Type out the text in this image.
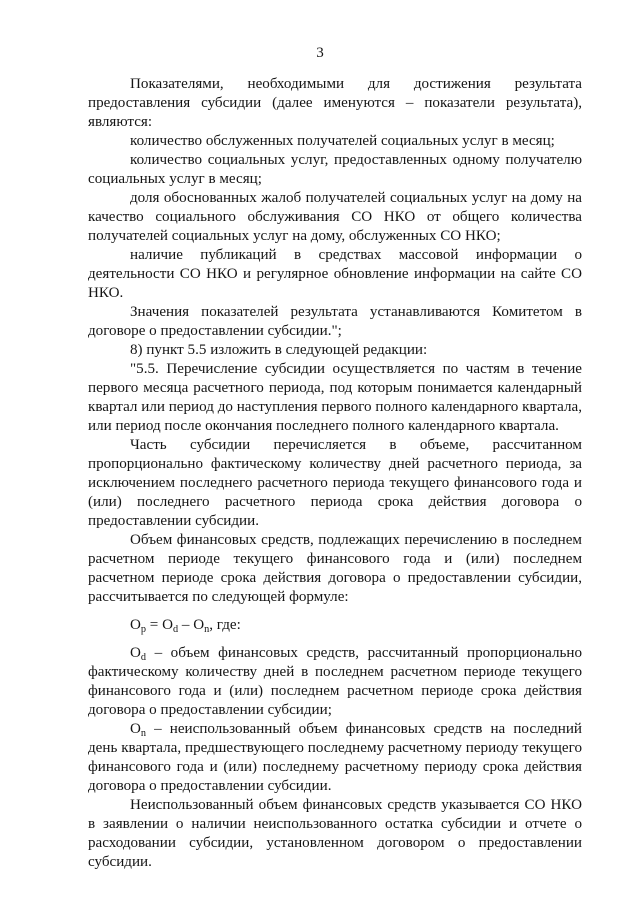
3

Показателями, необходимыми для достижения результата предоставления субсидии (далее именуются – показатели результата), являются:

количество обслуженных получателей социальных услуг в месяц;

количество социальных услуг, предоставленных одному получателю социальных услуг в месяц;

доля обоснованных жалоб получателей социальных услуг на дому на качество социального обслуживания СО НКО от общего количества получателей социальных услуг на дому, обслуженных СО НКО;

наличие публикаций в средствах массовой информации о деятельности СО НКО и регулярное обновление информации на сайте СО НКО.

Значения показателей результата устанавливаются Комитетом в договоре о предоставлении субсидии.";

8) пункт 5.5 изложить в следующей редакции:

"5.5. Перечисление субсидии осуществляется по частям в течение первого месяца расчетного периода, под которым понимается календарный квартал или период до наступления первого полного календарного квартала, или период после окончания последнего полного календарного квартала.

Часть субсидии перечисляется в объеме, рассчитанном пропорционально фактическому количеству дней расчетного периода, за исключением последнего расчетного периода текущего финансового года и (или) последнего расчетного периода срока действия договора о предоставлении субсидии.

Объем финансовых средств, подлежащих перечислению в последнем расчетном периоде текущего финансового года и (или) последнем расчетном периоде срока действия договора о предоставлении субсидии, рассчитывается по следующей формуле:

$O_p = O_d - O_n$, где:

$O_d$ – объем финансовых средств, рассчитанный пропорционально фактическому количеству дней в последнем расчетном периоде текущего финансового года и (или) последнем расчетном периоде срока действия договора о предоставлении субсидии;

$O_n$ – неиспользованный объем финансовых средств на последний день квартала, предшествующего последнему расчетному периоду текущего финансового года и (или) последнему расчетному периоду срока действия договора о предоставлении субсидии.

Неиспользованный объем финансовых средств указывается СО НКО в заявлении о наличии неиспользованного остатка субсидии и отчете о расходовании субсидии, установленном договором о предоставлении субсидии.
